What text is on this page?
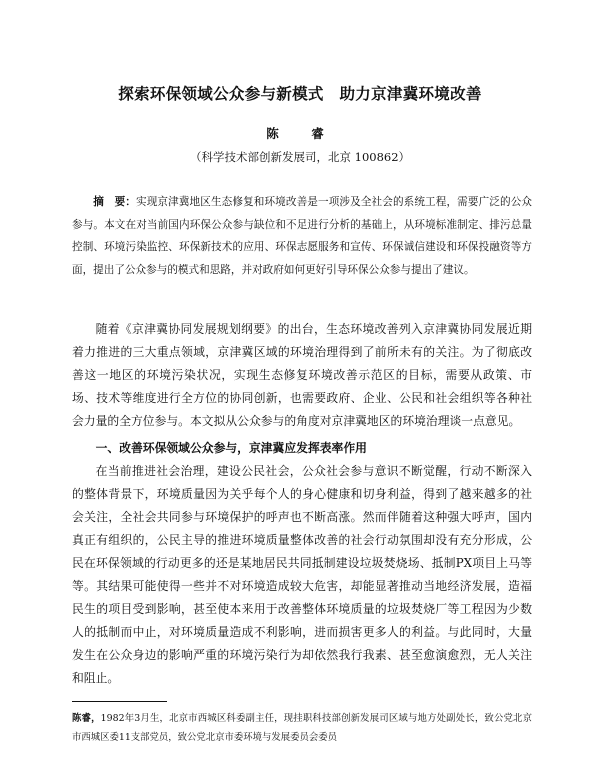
探索环保领域公众参与新模式　助力京津冀环境改善
陈　睿
（科学技术部创新发展司，北京 100862）
摘　要：实现京津冀地区生态修复和环境改善是一项涉及全社会的系统工程，需要广泛的公众参与。本文在对当前国内环保公众参与缺位和不足进行分析的基础上，从环境标准制定、排污总量控制、环境污染监控、环保新技术的应用、环保志愿服务和宣传、环保诚信建设和环保投融资等方面，提出了公众参与的模式和思路，并对政府如何更好引导环保公众参与提出了建议。

随着《京津冀协同发展规划纲要》的出台，生态环境改善列入京津冀协同发展近期着力推进的三大重点领域，京津冀区域的环境治理得到了前所未有的关注。为了彻底改善这一地区的环境污染状况，实现生态修复环境改善示范区的目标，需要从政策、市场、技术等维度进行全方位的协同创新，也需要政府、企业、公民和社会组织等各种社会力量的全方位参与。本文拟从公众参与的角度对京津冀地区的环境治理谈一点意见。

一、改善环保领域公众参与，京津冀应发挥表率作用

在当前推进社会治理，建设公民社会，公众社会参与意识不断觉醒，行动不断深入的整体背景下，环境质量因为关乎每个人的身心健康和切身利益，得到了越来越多的社会关注，全社会共同参与环境保护的呼声也不断高涨。然而伴随着这种强大呼声，国内真正有组织的，公民主导的推进环境质量整体改善的社会行动氛围却没有充分形成，公民在环保领域的行动更多的还是某地居民共同抵制建设垃圾焚烧场、抵制PX项目上马等等。其结果可能使得一些并不对环境造成较大危害，却能显著推动当地经济发展，造福民生的项目受到影响，甚至使本来用于改善整体环境质量的垃圾焚烧厂等工程因为少数人的抵制而中止，对环境质量造成不利影响，进而损害更多人的利益。与此同时，大量发生在公众身边的影响严重的环境污染行为却依然我行我素、甚至愈演愈烈，无人关注和阻止。

陈睿，1982年3月生，北京市西城区科委副主任，现挂职科技部创新发展司区域与地方处副处长，致公党北京市西城区委11支部党员，致公党北京市委环境与发展委员会委员
